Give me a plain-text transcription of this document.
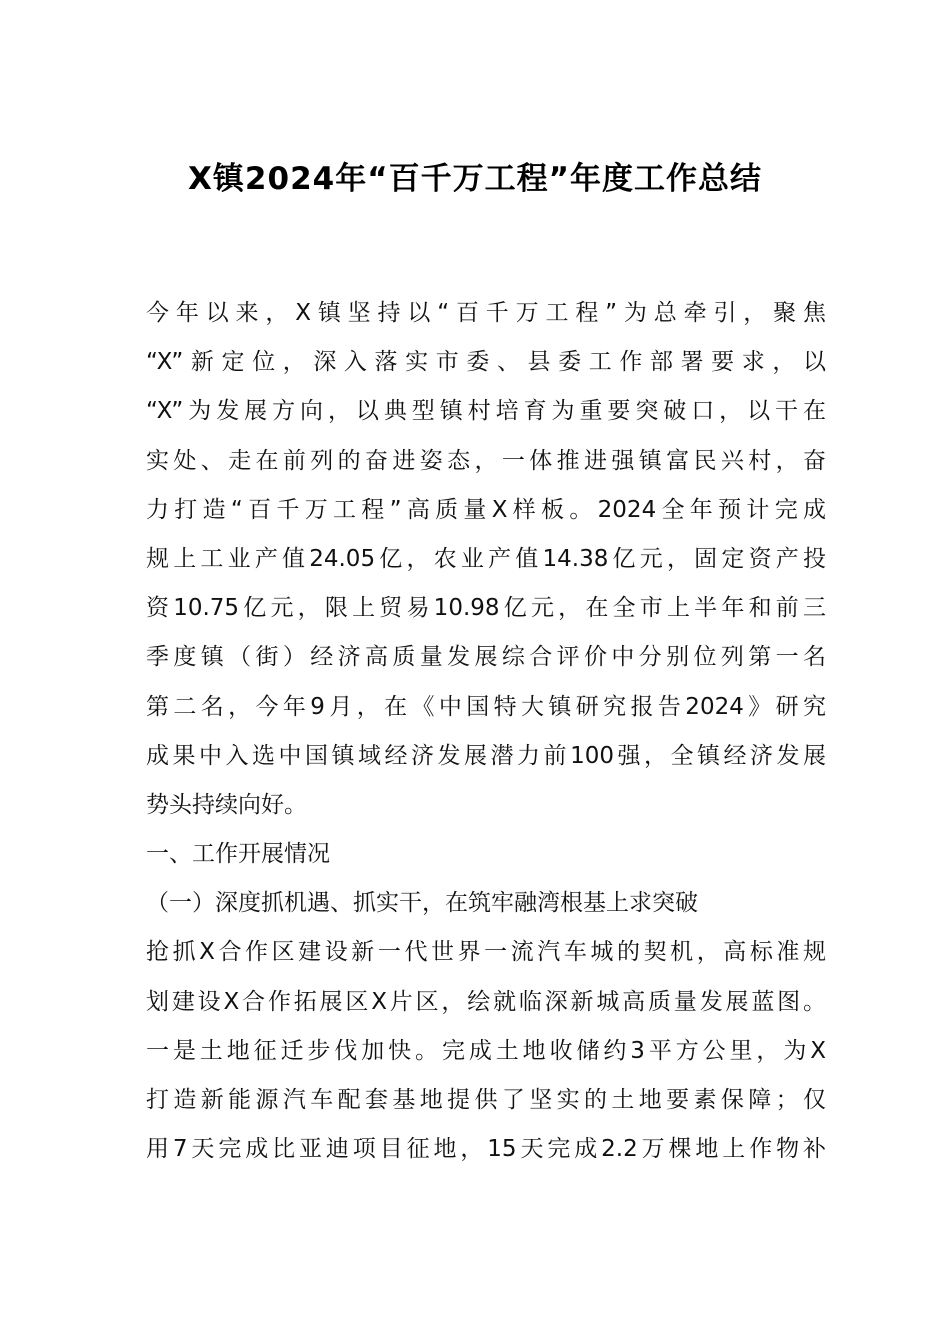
X镇2024年“百千万工程”年度工作总结
今年以来，X镇坚持以“百千万工程”为总牵引，聚焦
“X”新定位，深入落实市委、县委工作部署要求，以
“X”为发展方向，以典型镇村培育为重要突破口，以干在
实处、走在前列的奋进姿态，一体推进强镇富民兴村，奋
力打造“百千万工程”高质量X样板。2024全年预计完成
规上工业产值24.05亿，农业产值14.38亿元，固定资产投
资10.75亿元，限上贸易10.98亿元，在全市上半年和前三
季度镇（街）经济高质量发展综合评价中分别位列第一名
第二名，今年9月，在《中国特大镇研究报告2024》研究
成果中入选中国镇域经济发展潜力前100强，全镇经济发展
势头持续向好。
一、工作开展情况
（一）深度抓机遇、抓实干，在筑牢融湾根基上求突破
抢抓X合作区建设新一代世界一流汽车城的契机，高标准规
划建设X合作拓展区X片区，绘就临深新城高质量发展蓝图。
一是土地征迁步伐加快。完成土地收储约3平方公里，为X
打造新能源汽车配套基地提供了坚实的土地要素保障；仅
用7天完成比亚迪项目征地，15天完成2.2万棵地上作物补
